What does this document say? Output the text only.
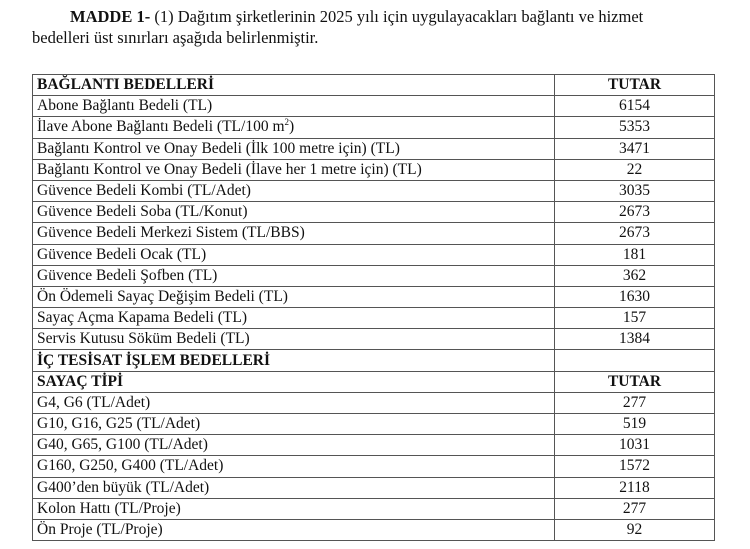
MADDE 1- (1) Dağıtım şirketlerinin 2025 yılı için uygulayacakları bağlantı ve hizmet
bedelleri üst sınırları aşağıda belirlenmiştir.
BAĞLANTI BEDELLERİ	TUTAR
Abone Bağlantı Bedeli (TL)	6154
İlave Abone Bağlantı Bedeli (TL/100 $m^2$)	5353
Bağlantı Kontrol ve Onay Bedeli (İlk 100 metre için) (TL)	3471
Bağlantı Kontrol ve Onay Bedeli (İlave her 1 metre için) (TL)	22
Güvence Bedeli Kombi (TL/Adet)	3035
Güvence Bedeli Soba (TL/Konut)	2673
Güvence Bedeli Merkezi Sistem (TL/BBS)	2673
Güvence Bedeli Ocak (TL)	181
Güvence Bedeli Şofben (TL)	362
Ön Ödemeli Sayaç Değişim Bedeli (TL)	1630
Sayaç Açma Kapama Bedeli (TL)	157
Servis Kutusu Söküm Bedeli (TL)	1384
İÇ TESİSAT İŞLEM BEDELLERİ	
SAYAÇ TİPİ	TUTAR
G4, G6 (TL/Adet)	277
G10, G16, G25 (TL/Adet)	519
G40, G65, G100 (TL/Adet)	1031
G160, G250, G400 (TL/Adet)	1572
G400’den büyük (TL/Adet)	2118
Kolon Hattı (TL/Proje)	277
Ön Proje (TL/Proje)	92
